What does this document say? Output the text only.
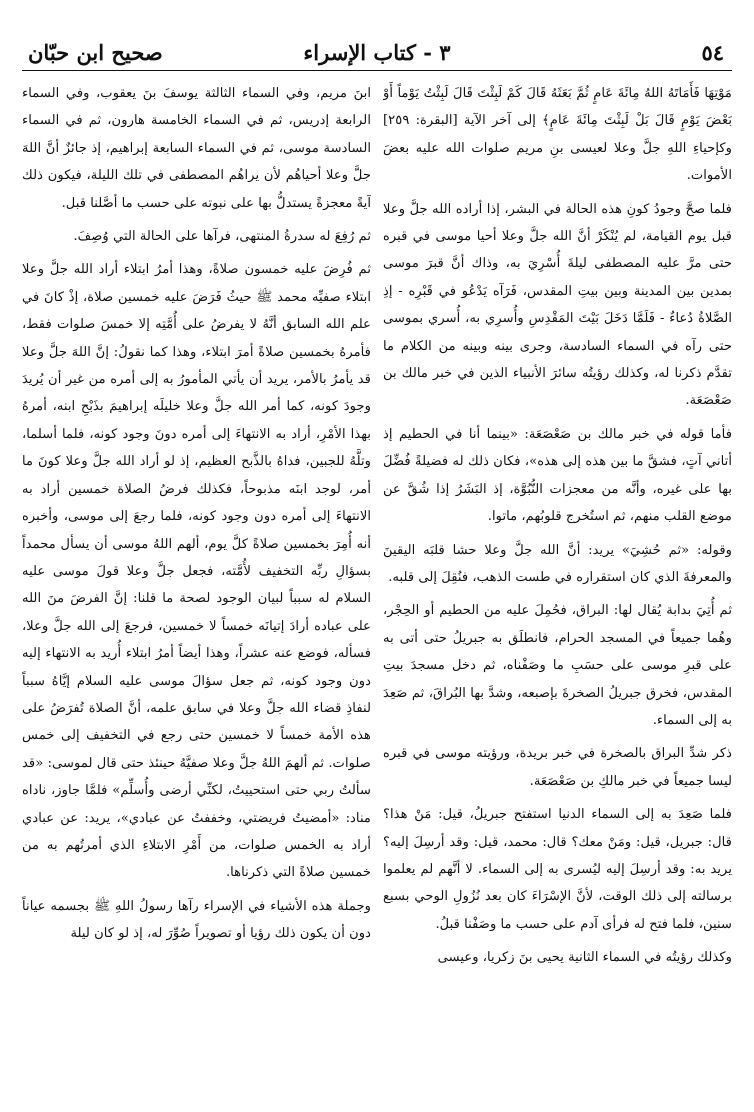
٥٤
٣ - كتاب الإسراء
صحيح ابن حبّان

مَوْتِهَا فَأَمَاتَهُ اللهُ مِائَةَ عَامٍ ثُمَّ بَعَثَهُ قَالَ كَمْ لَبِثْتَ قَالَ لَبِثْتُ يَوْماً أَوْ بَعْضَ يَوْمٍ قَالَ بَلْ لَبِثْتَ مِائَةَ عَامٍ﴾ إلى آخر الآية [البقرة: ٢٥٩] وكإحياءِ اللهِ جلَّ وعلا لعيسى بنِ مريم صلوات الله عليه بعضَ الأموات.

فلما صحَّ وجودُ كونِ هذه الحالة في البشر، إذا أراده الله جلَّ وعلا قبل يوم القيامة، لم يُنْكَرْ أنَّ الله جلَّ وعلا أحيا موسى في قبره حتى مرَّ عليه المصطفى ليلةَ أُسْرِيَ به، وذاك أنَّ قبرَ موسى بمدين بين المدينة وبين بيتِ المقدس، فَرَآه يَدْعُو في قَبْرِه - إذِ الصَّلاةُ دُعاءٌ - فَلَمَّا دَخَلَ بَيْتَ المَقْدِسِ وأُسرِي به، أُسري بموسى حتى رآه في السماء السادسة، وجرى بينه وبينه من الكلام ما تقدَّم ذكرنا له، وكذلك رؤيتُه سائرَ الأنبياء الذين في خبر مالك بن صَعْصَعَة.

فأما قوله في خبر مالك بن صَعْصَعَة: «بينما أنا في الحطيم إذ أتاني آتٍ، فشقَّ ما بين هذه إلى هذه»، فكان ذلك له فضيلةً فُضِّلَ بها على غيره، وأنَّه من معجزات النُّبُوَّة، إذ البَشَرُ إذا شُقَّ عن موضع القلب منهم، ثم استُخرج قلوبُهم، ماتوا.

وقوله: «ثم حُشِيَ» يريد: أنَّ الله جلَّ وعلا حشا قلبَه اليقينَ والمعرفةَ الذي كان استقراره في طست الذهب، فنُقِلَ إلى قلبه.

ثم أُتِيَ بدابة يُقال لها: البراق، فحُمِلَ عليه من الحطيم أو الحِجْر، وهُما جميعاً في المسجد الحرام، فانطلَق به جبريلُ حتى أتى به على قبرِ موسى على حسَبِ ما وصَفْناه، ثم دخل مسجدَ بيتِ المقدس، فخرق جبريلُ الصخرةَ بإصبعه، وشدَّ بها البُراقَ، ثم صَعِدَ به إلى السماء.

ذكر شدِّ البراق بالصخرة في خبر بريدة، ورؤيته موسى في قبره ليسا جميعاً في خبر مالكِ بن صَعْصَعَة.

فلما صَعِدَ به إلى السماء الدنيا استفتح جبريلُ، قيل: مَنْ هذا؟ قال: جبريل، قيل: ومَنْ معك؟ قال: محمد، قيل: وقد أرسِلَ إليه؟ يريد به: وقد أرسِلَ إليه ليُسرى به إلى السماء. لا أنَّهم لم يعلموا برسالته إلى ذلك الوقت، لأنَّ الإسْرَاءَ كان بعد نُزُولِ الوحي بسبع سنين، فلما فتح له فرأى آدم على حسب ما وصَفْنا قبلُ.

وكذلك رؤيتُه في السماء الثانية يحيى بنَ زكريا، وعيسى

ابنَ مريم، وفي السماء الثالثة يوسفَ بنَ يعقوب، وفي السماء الرابعة إدريس، ثم في السماء الخامسة هارون، ثم في السماء السادسة موسى، ثم في السماء السابعة إبراهيم، إذ جائزٌ أنَّ اللهَ جلَّ وعلا أحياهُم لأن يراهُم المصطفى في تلك الليلة، فيكون ذلك آيةً معجزةً يستدلُّ بها على نبوته على حسب ما أصَّلنا قبل.

ثم رُفِعَ له سدرةُ المنتهى، فرآها على الحالة التي وُصِفَ.

ثم فُرِضَ عليه خمسون صلاةً، وهذا أمرُ ابتلاء أراد الله جلَّ وعلا ابتلاء صفيِّه محمد ﷺ حيثُ فَرَضَ عليه خمسين صلاة، إذْ كانَ في علم الله السابق أنَّهُ لا يفرضُ على أُمَّتِه إلا خمسَ صلوات فقط، فأمرهُ بخمسين صلاةً أمرَ ابتلاء، وهذا كما نقولُ: إنَّ اللهَ جلَّ وعلا قد يأمرُ بالأمر، يريد أن يأتي المأمورُ به إلى أمره من غير أن يُريدَ وجودَ كونه، كما أمر الله جلَّ وعلا خليلَه إبراهيمَ بذَبْحِ ابنه، أمرهُ بهذا الأمْرِ، أراد به الانتهاءَ إلى أمره دونَ وجود كونه، فلما أسلما، وتلَّهُ للجبين، فداهُ بالذَّبح العظيم، إذ لو أراد الله جلَّ وعلا كونَ ما أمر، لوجد ابنَه مذبوحاً، فكذلك فرضُ الصلاة خمسين أراد به الانتهاءَ إلى أمره دون وجود كونه، فلما رجعَ إلى موسى، وأخبره أنه أُمِرَ بخمسين صلاةً كلَّ يوم، ألهم اللهُ موسى أن يسأل محمداً بسؤالِ ربِّه التخفيف لأُمَّته، فجعل جلَّ وعلا قولَ موسى عليه السلام له سبباً لبيان الوجود لصحة ما قلنا: إنَّ الفرضَ منَ الله على عباده أرادَ إتيانَه خمساً لا خمسين، فرجعَ إلى الله جلَّ وعلا، فسأله، فوضع عنه عشراً، وهذا أيضاً أمرُ ابتلاء أُريد به الانتهاء إليه دون وجود كونه، ثم جعل سؤالَ موسى عليه السلام إيَّاهُ سبباً لنفاذِ قضاء الله جلَّ وعلا في سابق علمه، أنَّ الصلاة تُفرَضُ على هذه الأمة خمساً لا خمسين حتى رجع في التخفيف إلى خمس صلوات. ثم ألهمَ اللهُ جلَّ وعلا صفيَّهُ حينئذ حتى قال لموسى: «قد سألتُ ربي حتى استحييتُ، لكنِّي أرضى وأُسلِّم» فلمَّا جاوز، ناداه مناد: «أمضيتُ فريضتي، وخففتُ عن عبادي»، يريد: عن عبادي أراد به الخمس صلوات، من أَمْرِ الابتلاءِ الذي أمرتُهم به من خمسين صلاةً التي ذكرناها.

وجملة هذه الأشياء في الإسراء رآها رسولُ اللهِ ﷺ بجسمه عياناً دون أن يكون ذلك رؤيا أو تصويراً صُوِّرَ له، إذ لو كان ليلة
